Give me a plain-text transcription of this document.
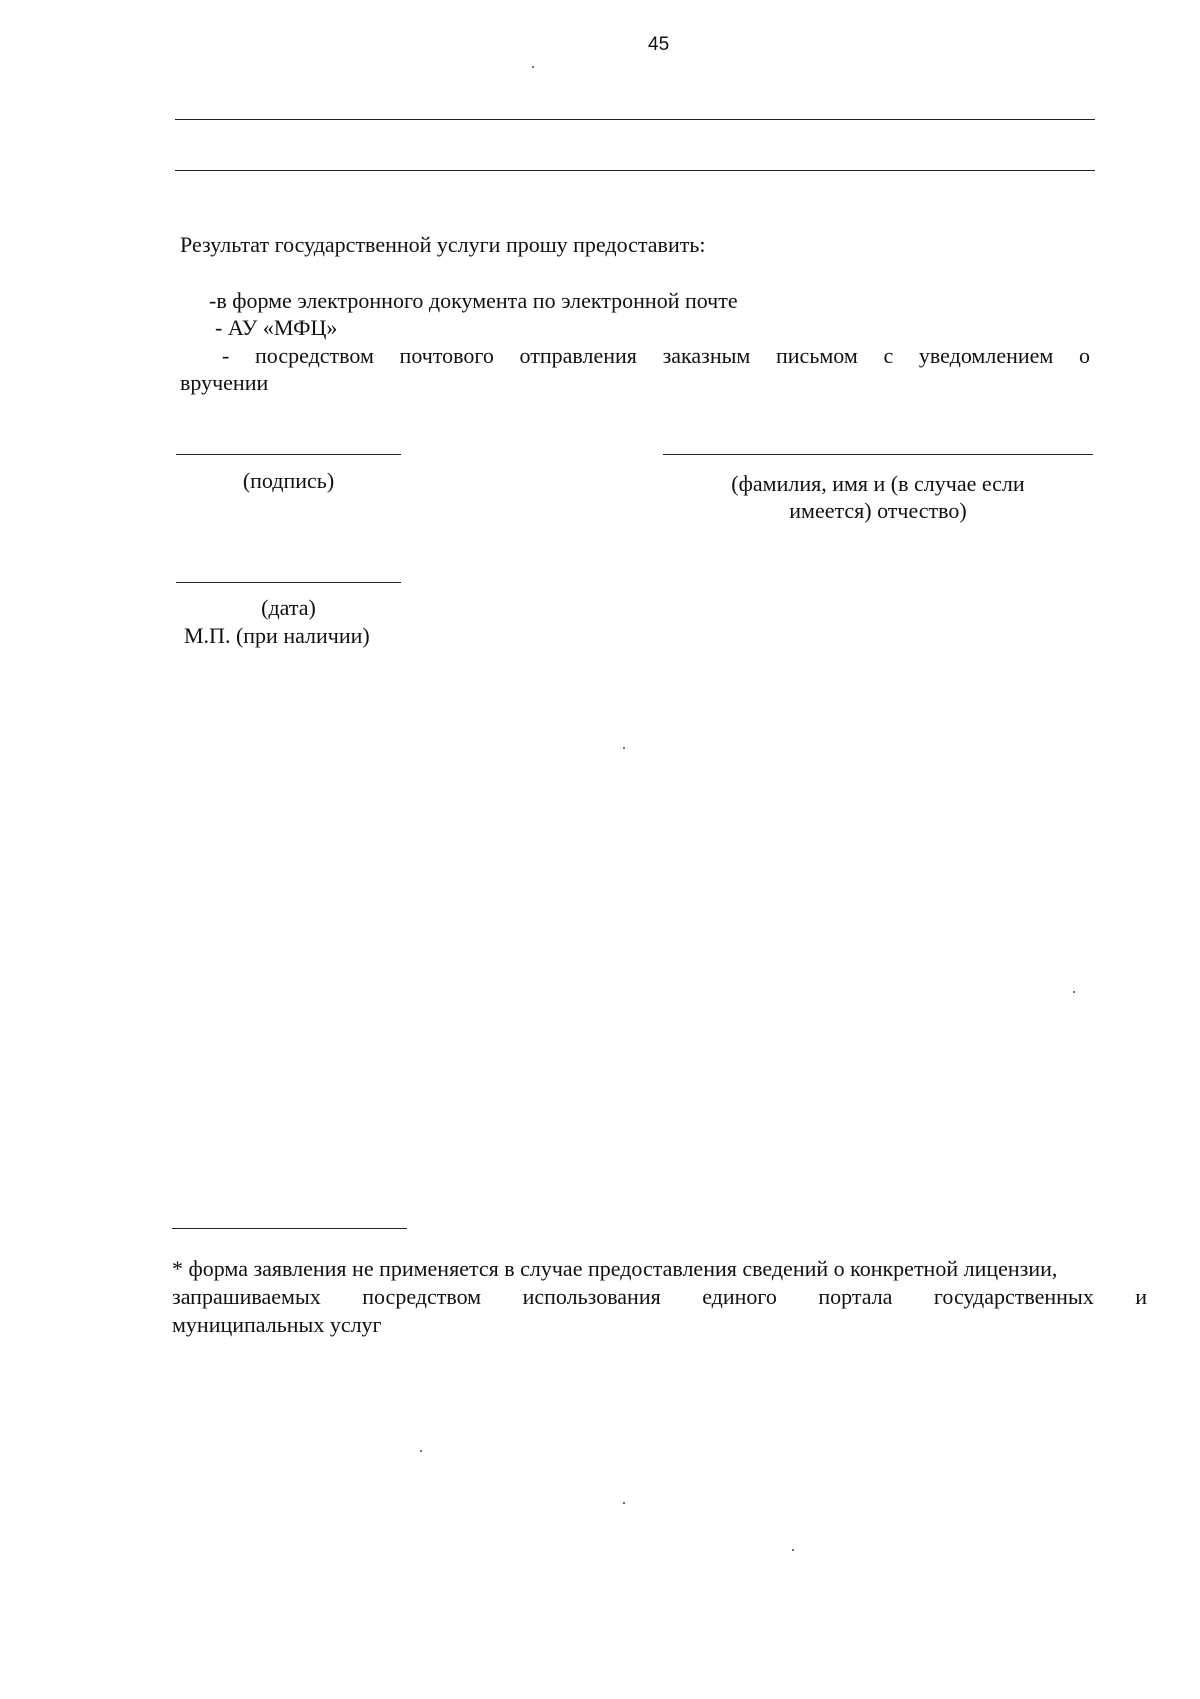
45
Результат государственной услуги прошу предоставить:
-в форме электронного документа по электронной почте
- АУ «МФЦ»
- посредством почтового отправления заказным письмом с уведомлением о
вручении
(подпись)	(фамилия, имя и (в случае если
имеется) отчество)
(дата)
М.П. (при наличии)
* форма заявления не применяется в случае предоставления сведений о конкретной лицензии,
запрашиваемых посредством использования единого портала государственных и
муниципальных услуг
